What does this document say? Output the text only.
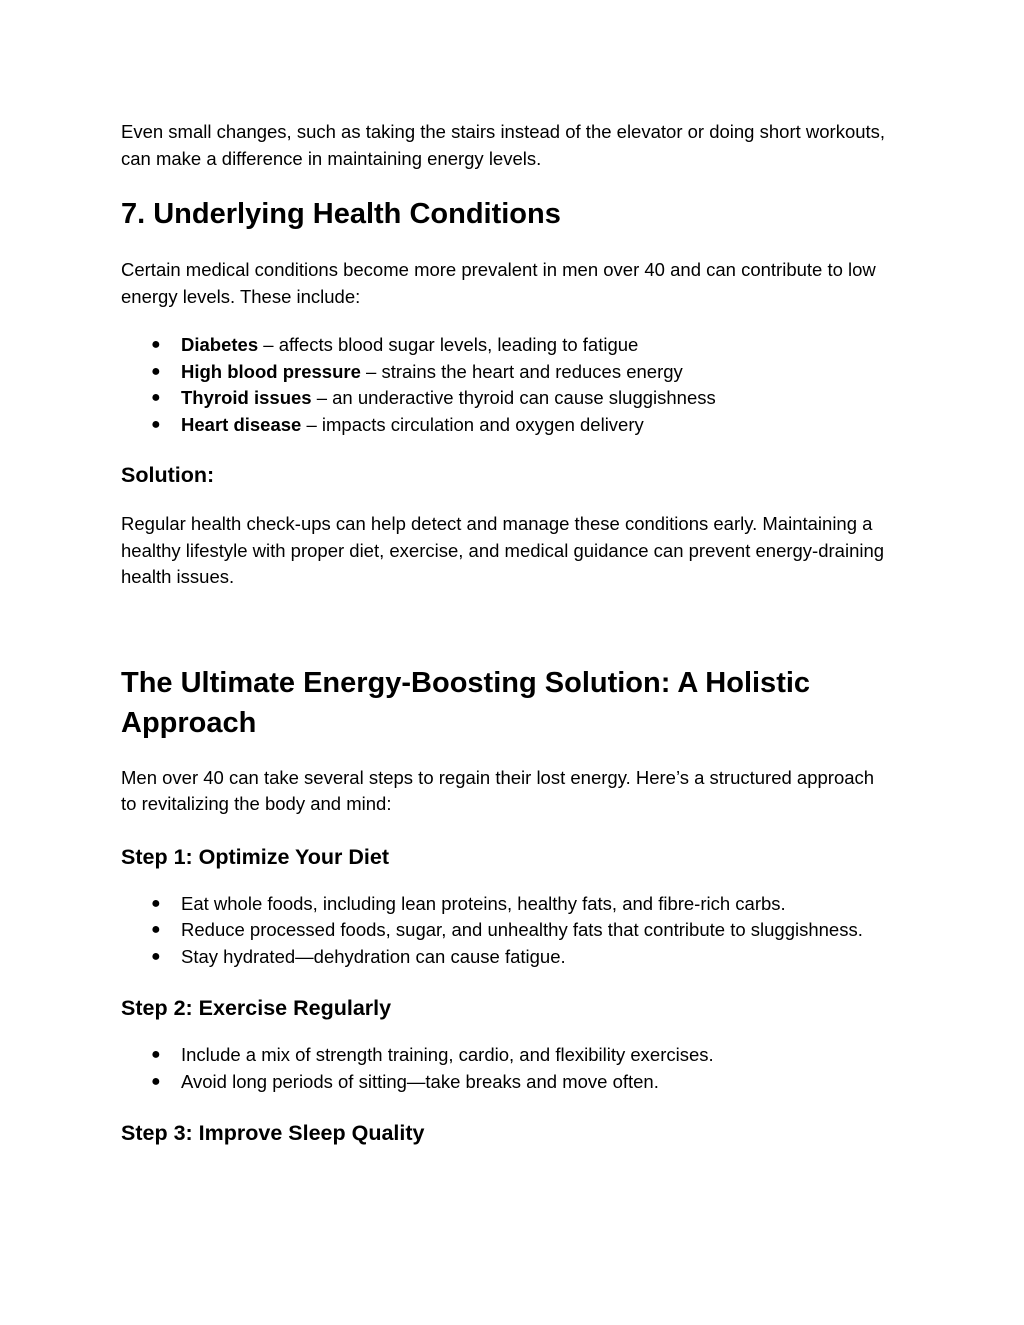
Even small changes, such as taking the stairs instead of the elevator or doing short workouts, can make a difference in maintaining energy levels.

7. Underlying Health Conditions

Certain medical conditions become more prevalent in men over 40 and can contribute to low energy levels. These include:

● Diabetes – affects blood sugar levels, leading to fatigue
● High blood pressure – strains the heart and reduces energy
● Thyroid issues – an underactive thyroid can cause sluggishness
● Heart disease – impacts circulation and oxygen delivery
Solution:

Regular health check-ups can help detect and manage these conditions early. Maintaining a healthy lifestyle with proper diet, exercise, and medical guidance can prevent energy-draining health issues.

The Ultimate Energy-Boosting Solution: A Holistic Approach

Men over 40 can take several steps to regain their lost energy. Here’s a structured approach to revitalizing the body and mind:

Step 1: Optimize Your Diet
● Eat whole foods, including lean proteins, healthy fats, and fibre-rich carbs.
● Reduce processed foods, sugar, and unhealthy fats that contribute to sluggishness.
● Stay hydrated—dehydration can cause fatigue.
Step 2: Exercise Regularly
● Include a mix of strength training, cardio, and flexibility exercises.
● Avoid long periods of sitting—take breaks and move often.
Step 3: Improve Sleep Quality
